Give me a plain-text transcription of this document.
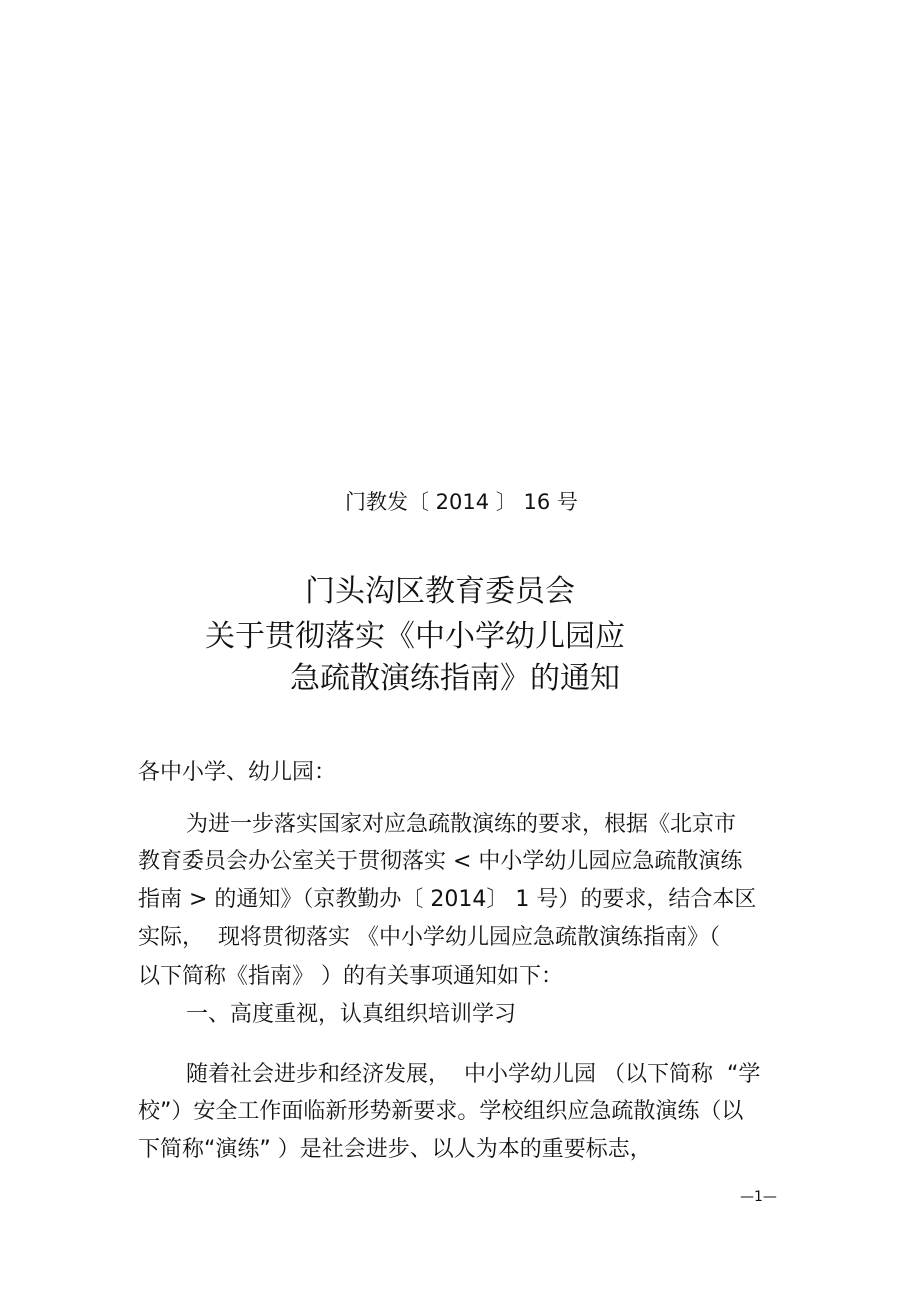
门教发〔 2014 〕 16 号
门头沟区教育委员会
关于贯彻落实《中小学幼儿园应
急疏散演练指南》的通知
各中小学、幼儿园：
为进一步落实国家对应急疏散演练的要求，根据《北京市
教育委员会办公室关于贯彻落实 < 中小学幼儿园应急疏散演练
指南 > 的通知》（京教勤办〔 2014〕 1 号）的要求，结合本区
实际，  现将贯彻落实 《中小学幼儿园应急疏散演练指南》（
以下简称《指南》 ）的有关事项通知如下：
一、高度重视，认真组织培训学习
随着社会进步和经济发展，  中小学幼儿园 （以下简称  “学
校”）安全工作面临新形势新要求。学校组织应急疏散演练（以
下简称“演练” ）是社会进步、以人为本的重要标志，
—1—
